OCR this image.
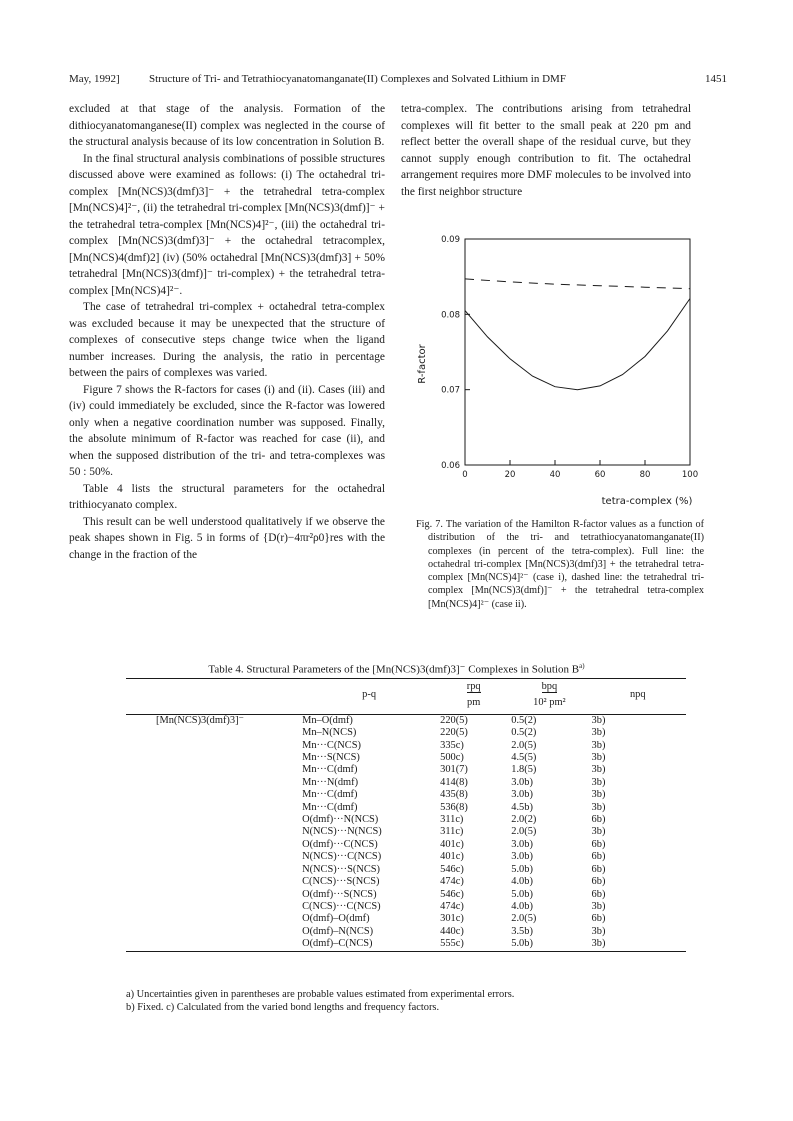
May, 1992]	Structure of Tri- and Tetrathiocyanatomanganate(II) Complexes and Solvated Lithium in DMF	1451

excluded at that stage of the analysis. Formation of the dithiocyanatomanganese(II) complex was neglected in the course of the structural analysis because of its low concentration in Solution B.

In the final structural analysis combinations of possible structures discussed above were examined as follows: (i) The octahedral tri-complex [Mn(NCS)3(dmf)3]⁻ + the tetrahedral tetra-complex [Mn(NCS)4]²⁻, (ii) the tetrahedral tri-complex [Mn(NCS)3(dmf)]⁻ + the tetrahedral tetra-complex [Mn(NCS)4]²⁻, (iii) the octahedral tri-complex [Mn(NCS)3(dmf)3]⁻ + the octahedral tetracomplex, [Mn(NCS)4(dmf)2] (iv) (50% octahedral [Mn(NCS)3(dmf)3] + 50% tetrahedral [Mn(NCS)3(dmf)]⁻ tri-complex) + the tetrahedral tetra-complex [Mn(NCS)4]²⁻.

The case of tetrahedral tri-complex + octahedral tetra-complex was excluded because it may be unexpected that the structure of complexes of consecutive steps change twice when the ligand number increases. During the analysis, the ratio in percentage between the pairs of complexes was varied.

Figure 7 shows the R-factors for cases (i) and (ii). Cases (iii) and (iv) could immediately be excluded, since the R-factor was lowered only when a negative coordination number was supposed. Finally, the absolute minimum of R-factor was reached for case (ii), and when the supposed distribution of the tri- and tetra-complexes was 50 : 50%.

Table 4 lists the structural parameters for the octahedral trithiocyanato complex.

This result can be well understood qualitatively if we observe the peak shapes shown in Fig. 5 in forms of {D(r)−4πr²ρ0}res with the change in the fraction of the

tetra-complex. The contributions arising from tetrahedral complexes will fit better to the small peak at 220 pm and reflect better the overall shape of the residual curve, but they cannot supply enough contribution to fit. The octahedral arrangement requires more DMF molecules to be involved into the first neighbor structure

0	20	40	60	80	100
0.06
0.07
0.08
0.09
R-factor
tetra-complex (%)
Fig. 7. The variation of the Hamilton R-factor values as a function of distribution of the tri- and tetrathiocyanatomanganate(II) complexes (in percent of the tetra-complex). Full line: the octahedral tri-complex [Mn(NCS)3(dmf)3] + the tetrahedral tetra-complex [Mn(NCS)4]²⁻ (case i), dashed line: the tetrahedral tri-complex [Mn(NCS)3(dmf)]⁻ + the tetrahedral tetra-complex [Mn(NCS)4]²⁻ (case ii).
Table 4. Structural Parameters of the [Mn(NCS)3(dmf)3]⁻ Complexes in Solution $B^{a)}$
	p-q	rpq	bpq	npq
		pm	10² pm²	

[Mn(NCS)3(dmf)3]⁻	Mn–O(dmf)	220(5)	0.5(2)	3b)
	Mn–N(NCS)	220(5)	0.5(2)	3b)
	Mn···C(NCS)	335c)	2.0(5)	3b)
	Mn···S(NCS)	500c)	4.5(5)	3b)
	Mn···C(dmf)	301(7)	1.8(5)	3b)
	Mn···N(dmf)	414(8)	3.0b)	3b)
	Mn···C(dmf)	435(8)	3.0b)	3b)
	Mn···C(dmf)	536(8)	4.5b)	3b)
	O(dmf)···N(NCS)	311c)	2.0(2)	6b)
	N(NCS)···N(NCS)	311c)	2.0(5)	3b)
	O(dmf)···C(NCS)	401c)	3.0b)	6b)
	N(NCS)···C(NCS)	401c)	3.0b)	6b)
	N(NCS)···S(NCS)	546c)	5.0b)	6b)
	C(NCS)···S(NCS)	474c)	4.0b)	6b)
	O(dmf)···S(NCS)	546c)	5.0b)	6b)
	C(NCS)···C(NCS)	474c)	4.0b)	3b)
	O(dmf)–O(dmf)	301c)	2.0(5)	6b)
	O(dmf)–N(NCS)	440c)	3.5b)	3b)
	O(dmf)–C(NCS)	555c)	5.0b)	3b)

a) Uncertainties given in parentheses are probable values estimated from experimental errors.

b) Fixed. c) Calculated from the varied bond lengths and frequency factors.
